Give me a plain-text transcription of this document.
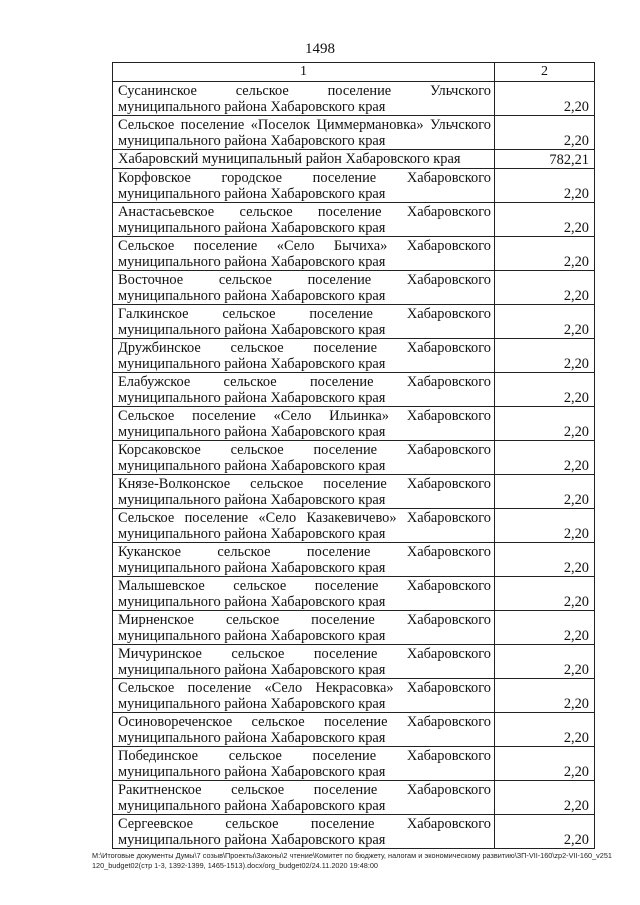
1498
1	2
Сусанинское сельское поселение Ульчского муниципального района Хабаровского края	2,20
Сельское поселение «Поселок Циммермановка» Ульчского муниципального района Хабаровского края	2,20
Хабаровский муниципальный район Хабаровского края	782,21
Корфовское городское поселение Хабаровского муниципального района Хабаровского края	2,20
Анастасьевское сельское поселение Хабаровского муниципального района Хабаровского края	2,20
Сельское поселение «Село Бычиха» Хабаровского муниципального района Хабаровского края	2,20
Восточное сельское поселение Хабаровского муниципального района Хабаровского края	2,20
Галкинское сельское поселение Хабаровского муниципального района Хабаровского края	2,20
Дружбинское сельское поселение Хабаровского муниципального района Хабаровского края	2,20
Елабужское сельское поселение Хабаровского муниципального района Хабаровского края	2,20
Сельское поселение «Село Ильинка» Хабаровского муниципального района Хабаровского края	2,20
Корсаковское сельское поселение Хабаровского муниципального района Хабаровского края	2,20
Князе-Волконское сельское поселение Хабаровского муниципального района Хабаровского края	2,20
Сельское поселение «Село Казакевичево» Хабаровского муниципального района Хабаровского края	2,20
Куканское сельское поселение Хабаровского муниципального района Хабаровского края	2,20
Малышевское сельское поселение Хабаровского муниципального района Хабаровского края	2,20
Мирненское сельское поселение Хабаровского муниципального района Хабаровского края	2,20
Мичуринское сельское поселение Хабаровского муниципального района Хабаровского края	2,20
Сельское поселение «Село Некрасовка» Хабаровского муниципального района Хабаровского края	2,20
Осиновореченское сельское поселение Хабаровского муниципального района Хабаровского края	2,20
Побединское сельское поселение Хабаровского муниципального района Хабаровского края	2,20
Ракитненское сельское поселение Хабаровского муниципального района Хабаровского края	2,20
Сергеевское сельское поселение Хабаровского муниципального района Хабаровского края	2,20
M:\Итоговые документы Думы\7 созыв\Проекты\Законы\2 чтение\Комитет по бюджету, налогам и экономическому развитию\ЗП-VII-160\zp2-VII-160_v251120_budget02(стр 1-3, 1392-1399, 1465-1513).docx/org_budget02/24.11.2020 19:48:00
